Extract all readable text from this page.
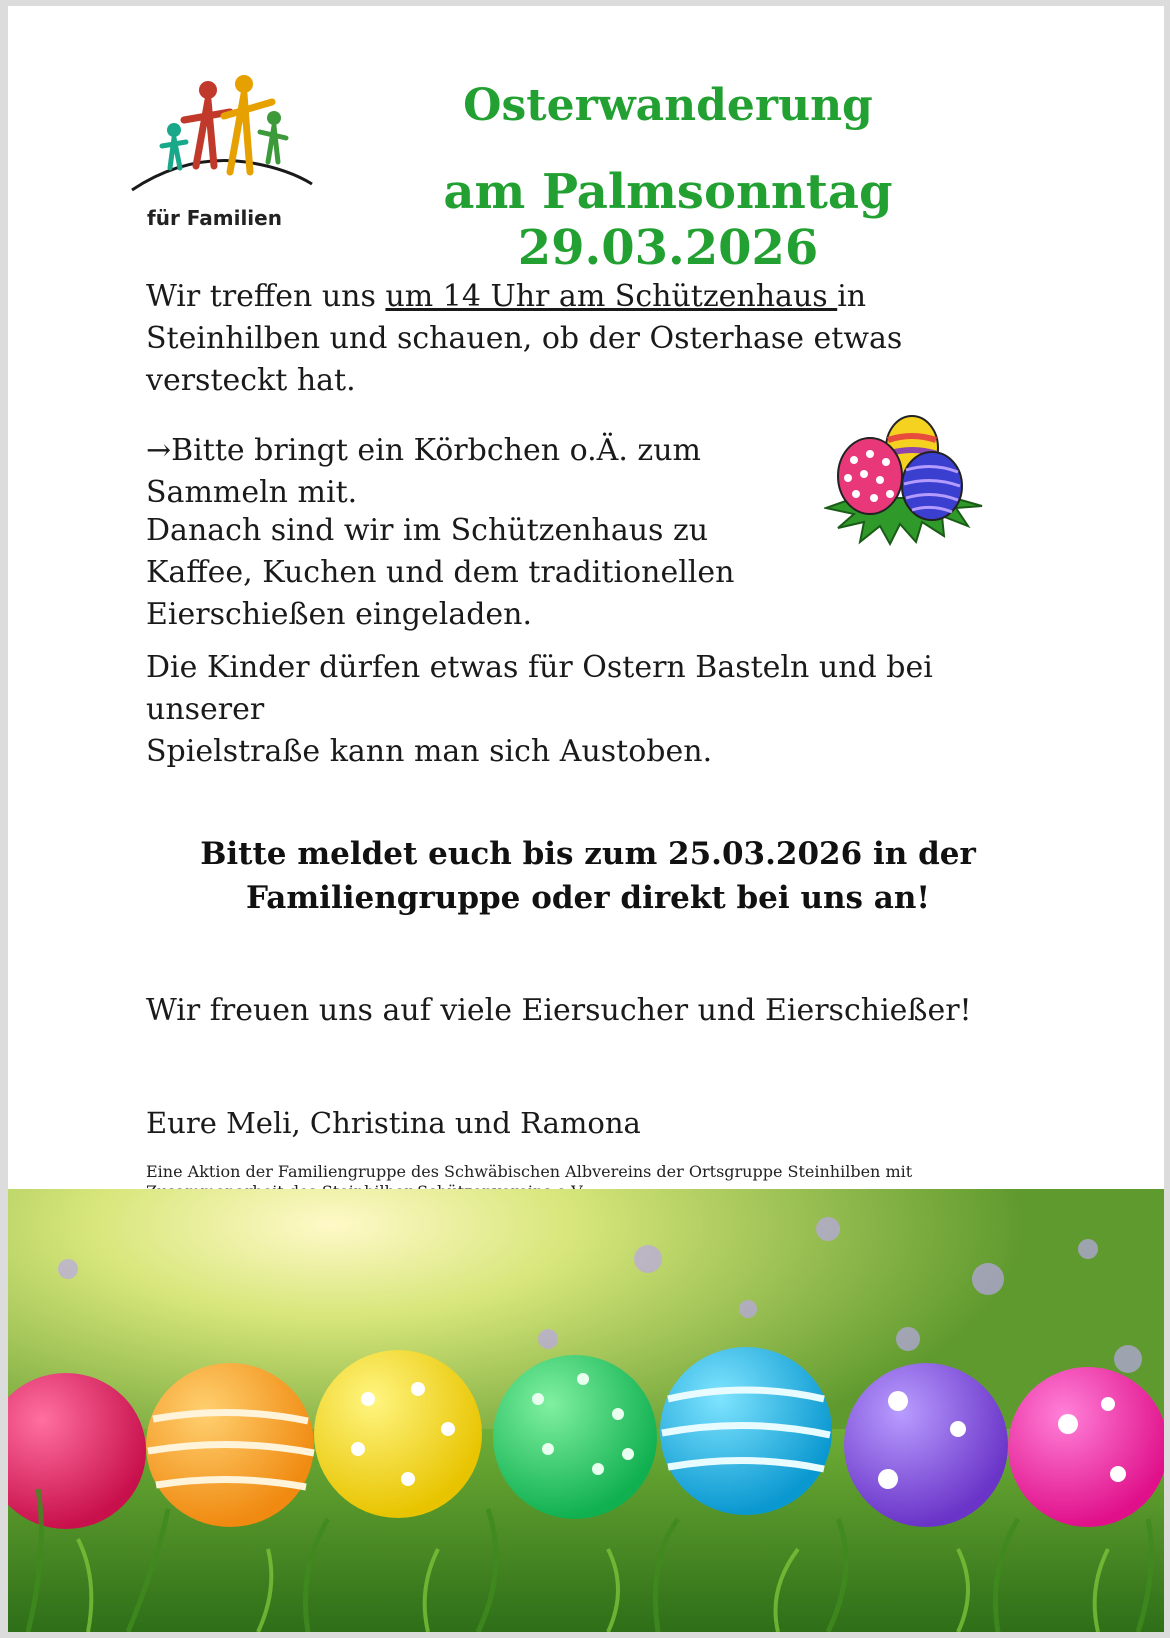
für Familien
Osterwanderung
am Palmsonntag 29.03.2026

Wir treffen uns um 14 Uhr am Schützenhaus in
Steinhilben und schauen, ob der Osterhase etwas
versteckt hat.

→Bitte bringt ein Körbchen o.Ä. zum
Sammeln mit.

Danach sind wir im Schützenhaus zu
Kaffee, Kuchen und dem traditionellen
Eierschießen eingeladen.

Die Kinder dürfen etwas für Ostern Basteln und bei unserer
Spielstraße kann man sich Austoben.

Bitte meldet euch bis zum 25.03.2026 in der
Familiengruppe oder direkt bei uns an!

Wir freuen uns auf viele Eiersucher und Eierschießer!

Eure Meli, Christina und Ramona

Eine Aktion der Familiengruppe des Schwäbischen Albvereins der Ortsgruppe Steinhilben mit
